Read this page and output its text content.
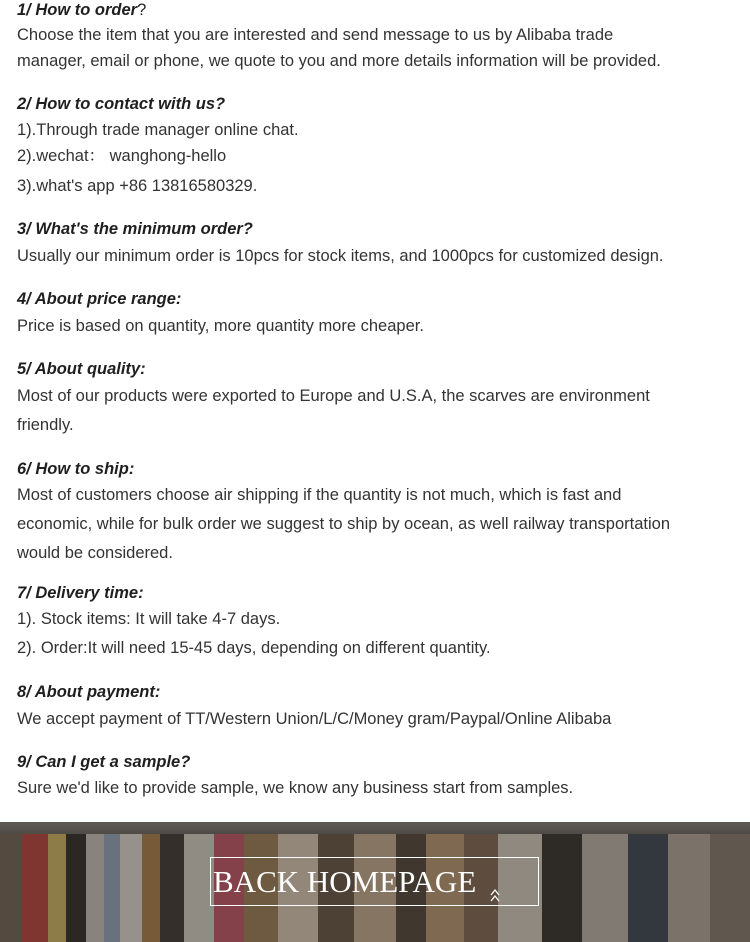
1/ How to order?
Choose the item that you are interested and send message to us by Alibaba trade
manager, email or phone, we quote to you and more details information will be provided.
2/ How to contact with us?
1).Through trade manager online chat.
2).wechat： wanghong-hello
3).what's app +86 13816580329.
3/ What's the minimum order?
Usually our minimum order is 10pcs for stock items, and 1000pcs for customized design.
4/ About price range:
Price is based on quantity, more quantity more cheaper.
5/ About quality:
Most of our products were exported to Europe and U.S.A, the scarves are environment
friendly.
6/ How to ship:
Most of customers choose air shipping if the quantity is not much, which is fast and
economic, while for bulk order we suggest to ship by ocean, as well railway transportation
would be considered.
7/ Delivery time:
1). Stock items: It will take 4-7 days.
2). Order:It will need 15-45 days, depending on different quantity.
8/ About payment:
We accept payment of TT/Western Union/L/C/Money gram/Paypal/Online Alibaba
9/ Can I get a sample?
Sure we'd like to provide sample, we know any business start from samples.
BACK HOMEPAGE
